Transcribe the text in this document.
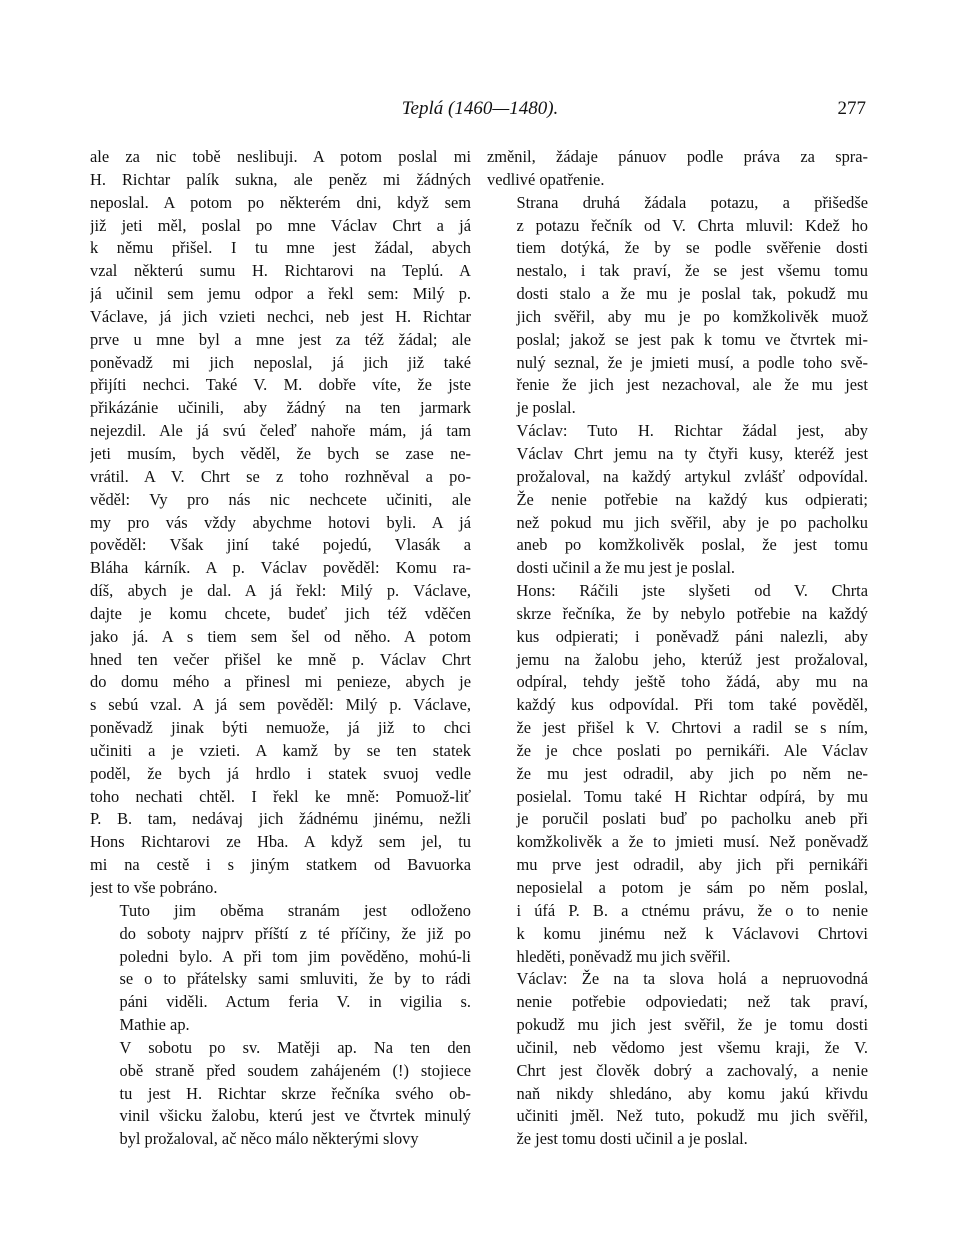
Teplá (1460—1480).	277

ale za nic tobě neslibuji. A potom poslal mi
H. Richtar palík sukna, ale peněz mi žádných
neposlal. A potom po některém dni, když sem
již jeti měl, poslal po mne Václav Chrt a já
k němu přišel. I tu mne jest žádal, abych
vzal některú sumu H. Richtarovi na Teplú. A
já učinil sem jemu odpor a řekl sem: Milý p.
Václave, já jich vzieti nechci, neb jest H. Richtar
prve u mne byl a mne jest za též žádal; ale
poněvadž mi jich neposlal, já jich již také
přijíti nechci. Také V. M. dobře víte, že jste
přikázánie učinili, aby žádný na ten jarmark
nejezdil. Ale já svú čeleď nahoře mám, já tam
jeti musím, bych věděl, že bych se zase ne-
vrátil. A V. Chrt se z toho rozhněval a po-
věděl: Vy pro nás nic nechcete učiniti, ale
my pro vás vždy abychme hotovi byli. A já
pověděl: Však jiní také pojedú, Vlasák a
Bláha kárník. A p. Václav pověděl: Komu ra-
díš, abych je dal. A já řekl: Milý p. Václave,
dajte je komu chcete, budeť jich též vděčen
jako já. A s tiem sem šel od něho. A potom
hned ten večer přišel ke mně p. Václav Chrt
do domu mého a přinesl mi penieze, abych je
s sebú vzal. A já sem pověděl: Milý p. Václave,
poněvadž jinak býti nemuože, já již to chci
učiniti a je vzieti. A kamž by se ten statek
poděl, že bych já hrdlo i statek svuoj vedle
toho nechati chtěl. I řekl ke mně: Pomuož-liť
P. B. tam, nedávaj jich žádnému jinému, nežli
Hons Richtarovi ze Hba. A když sem jel, tu
mi na cestě i s jiným statkem od Bavuorka
jest to vše pobráno.

Tuto jim oběma stranám jest odloženo
do soboty najprv příští z té příčiny, že již po
poledni bylo. A při tom jim pověděno, mohú-li
se o to přátelsky sami smluviti, že by to rádi
páni viděli. Actum feria V. in vigilia s.
Mathie ap.

V sobotu po sv. Matěji ap. Na ten den
obě straně před soudem zahájeném (!) stojiece
tu jest H. Richtar skrze řečníka svého ob-
vinil všicku žalobu, kterú jest ve čtvrtek minulý
byl prožaloval, ač něco málo některými slovy

změnil, žádaje pánuov podle práva za spra-
vedlivé opatřenie.

Strana druhá žádala potazu, a přišedše
z potazu řečník od V. Chrta mluvil: Kdež ho
tiem dotýká, že by se podle svěřenie dosti
nestalo, i tak praví, že se jest všemu tomu
dosti stalo a že mu je poslal tak, pokudž mu
jich svěřil, aby mu je po komžkolivěk muož
poslal; jakož se jest pak k tomu ve čtvrtek mi-
nulý seznal, že je jmieti musí, a podle toho svě-
řenie že jich jest nezachoval, ale že mu jest
je poslal.

Václav: Tuto H. Richtar žádal jest, aby
Václav Chrt jemu na ty čtyři kusy, kteréž jest
prožaloval, na každý artykul zvlášť odpovídal.
Že nenie potřebie na každý kus odpierati;
než pokud mu jich svěřil, aby je po pacholku
aneb po komžkolivěk poslal, že jest tomu
dosti učinil a že mu jest je poslal.

Hons: Ráčili jste slyšeti od V. Chrta
skrze řečníka, že by nebylo potřebie na každý
kus odpierati; i poněvadž páni nalezli, aby
jemu na žalobu jeho, kterúž jest prožaloval,
odpíral, tehdy ještě toho žádá, aby mu na
každý kus odpovídal. Při tom také pověděl,
že jest přišel k V. Chrtovi a radil se s ním,
že je chce poslati po pernikáři. Ale Václav
že mu jest odradil, aby jich po něm ne-
posielal. Tomu také H Richtar odpírá, by mu
je poručil poslati buď po pacholku aneb při
komžkolivěk a že to jmieti musí. Než poněvadž
mu prve jest odradil, aby jich při pernikáři
neposielal a potom je sám po něm poslal,
i úfá P. B. a ctnému právu, že o to nenie
k komu jinému než k Václavovi Chrtovi
hleděti, poněvadž mu jich svěřil.

Václav: Že na ta slova holá a nepruovodná
nenie potřebie odpoviedati; než tak praví,
pokudž mu jich jest svěřil, že je tomu dosti
učinil, neb vědomo jest všemu kraji, že V.
Chrt jest člověk dobrý a zachovalý, a nenie
naň nikdy shledáno, aby komu jakú křivdu
učiniti jměl. Než tuto, pokudž mu jich svěřil,
že jest tomu dosti učinil a je poslal.
